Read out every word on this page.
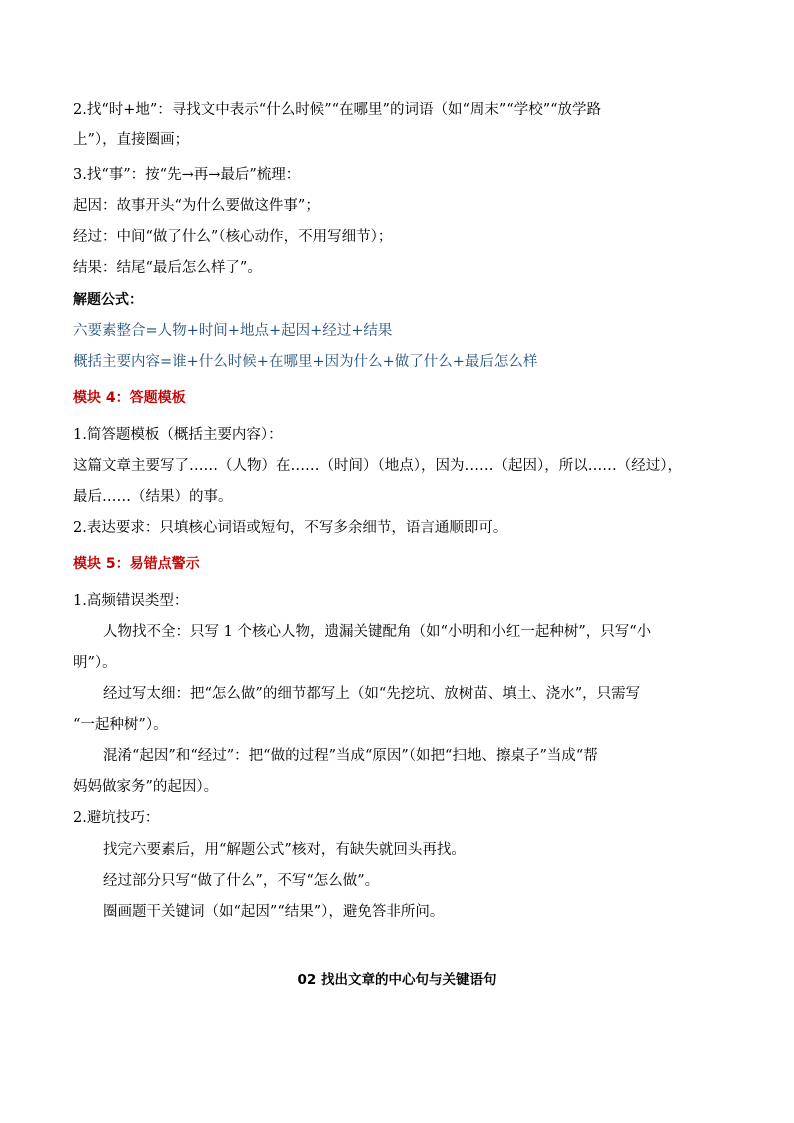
2.找“时+地”：寻找文中表示“什么时候”“在哪里”的词语（如“周末”“学校”“放学路
上”），直接圈画；
3.找“事”：按“先→再→最后”梳理：
起因：故事开头“为什么要做这件事”；
经过：中间“做了什么”（核心动作，不用写细节）；
结果：结尾“最后怎么样了”。
解题公式：
六要素整合=人物+时间+地点+起因+经过+结果
概括主要内容=谁+什么时候+在哪里+因为什么+做了什么+最后怎么样
模块 4：答题模板
1.简答题模板（概括主要内容）：
这篇文章主要写了……（人物）在……（时间）（地点），因为……（起因），所以……（经过），
最后……（结果）的事。
2.表达要求：只填核心词语或短句，不写多余细节，语言通顺即可。
模块 5：易错点警示
1.高频错误类型：
人物找不全：只写 1 个核心人物，遗漏关键配角（如“小明和小红一起种树”，只写“小
明”）。
经过写太细：把“怎么做”的细节都写上（如“先挖坑、放树苗、填土、浇水”，只需写
“一起种树”）。
混淆“起因”和“经过”：把“做的过程”当成“原因”（如把“扫地、擦桌子”当成“帮
妈妈做家务”的起因）。
2.避坑技巧：
找完六要素后，用“解题公式”核对，有缺失就回头再找。
经过部分只写“做了什么”，不写“怎么做”。
圈画题干关键词（如“起因”“结果”），避免答非所问。
02 找出文章的中心句与关键语句
